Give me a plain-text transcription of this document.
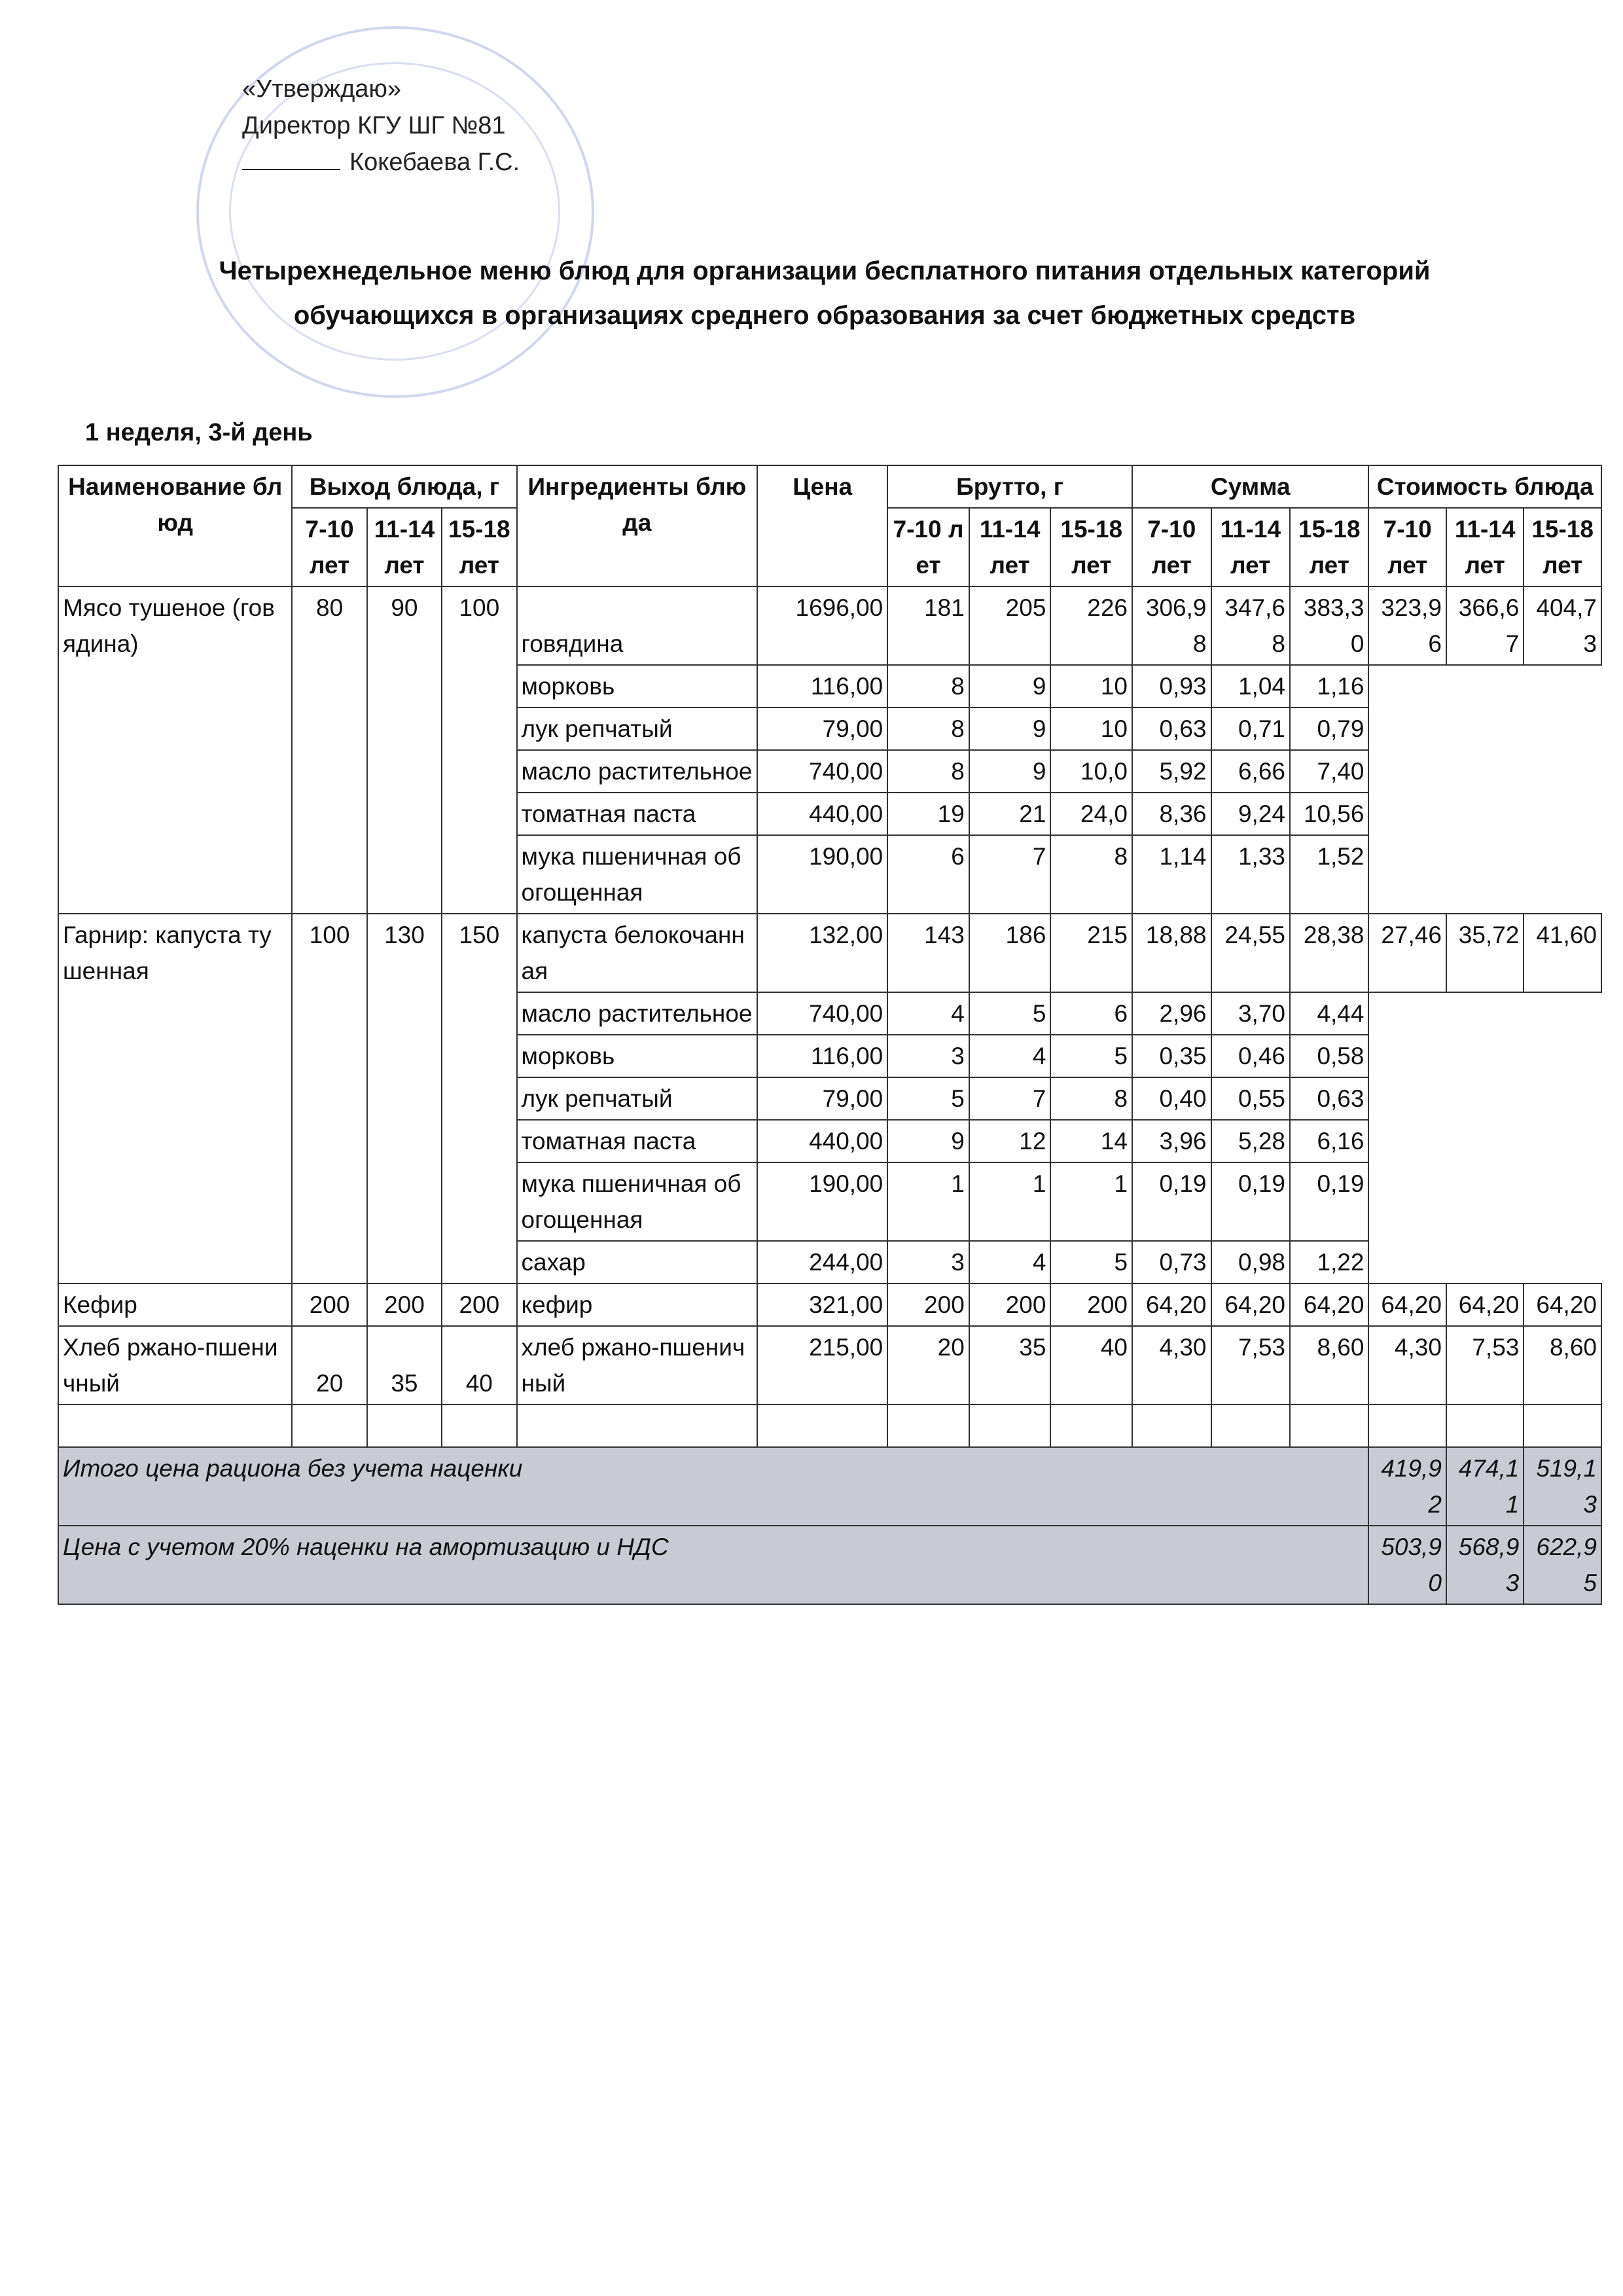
«Утверждаю»
Директор КГУ ШГ №81
Кокебаева Г.С.
Четырехнедельное меню блюд для организации бесплатного питания отдельных категорий обучающихся в организациях среднего образования за счет бюджетных средств
1 неделя, 3-й день
Наименование блюд	Выход блюда, г			Ингредиенты блюда	Цена	Брутто, г			Сумма			Стоимость блюда		
	7-10 лет	11-14 лет	15-18 лет			7-10 лет	11-14 лет	15-18 лет	7-10 лет	11-14 лет	15-18 лет	7-10 лет	11-14 лет	15-18 лет
Мясо тушеное (говядина)	80	90	100	говядина	1696,00	181	205	226	306,98	347,68	383,30	323,96	366,67	404,73
				морковь	116,00	8	9	10	0,93	1,04	1,16			
				лук репчатый	79,00	8	9	10	0,63	0,71	0,79			
				масло растительное	740,00	8	9	10,0	5,92	6,66	7,40			
				томатная паста	440,00	19	21	24,0	8,36	9,24	10,56			
				мука пшеничная обогощенная	190,00	6	7	8	1,14	1,33	1,52			
Гарнир: капуста тушенная	100	130	150	капуста белокочанная	132,00	143	186	215	18,88	24,55	28,38	27,46	35,72	41,60
				масло растительное	740,00	4	5	6	2,96	3,70	4,44			
				морковь	116,00	3	4	5	0,35	0,46	0,58			
				лук репчатый	79,00	5	7	8	0,40	0,55	0,63			
				томатная паста	440,00	9	12	14	3,96	5,28	6,16			
				мука пшеничная обогощенная	190,00	1	1	1	0,19	0,19	0,19			
				сахар	244,00	3	4	5	0,73	0,98	1,22			
Кефир	200	200	200	кефир	321,00	200	200	200	64,20	64,20	64,20	64,20	64,20	64,20
Хлеб ржано-пшеничный	20	35	40	хлеб ржано-пшеничный	215,00	20	35	40	4,30	7,53	8,60	4,30	7,53	8,60

Итого цена рациона без учета наценки												419,92	474,11	519,13
Цена с учетом 20% наценки на амортизацию и НДС												503,90	568,93	622,95
